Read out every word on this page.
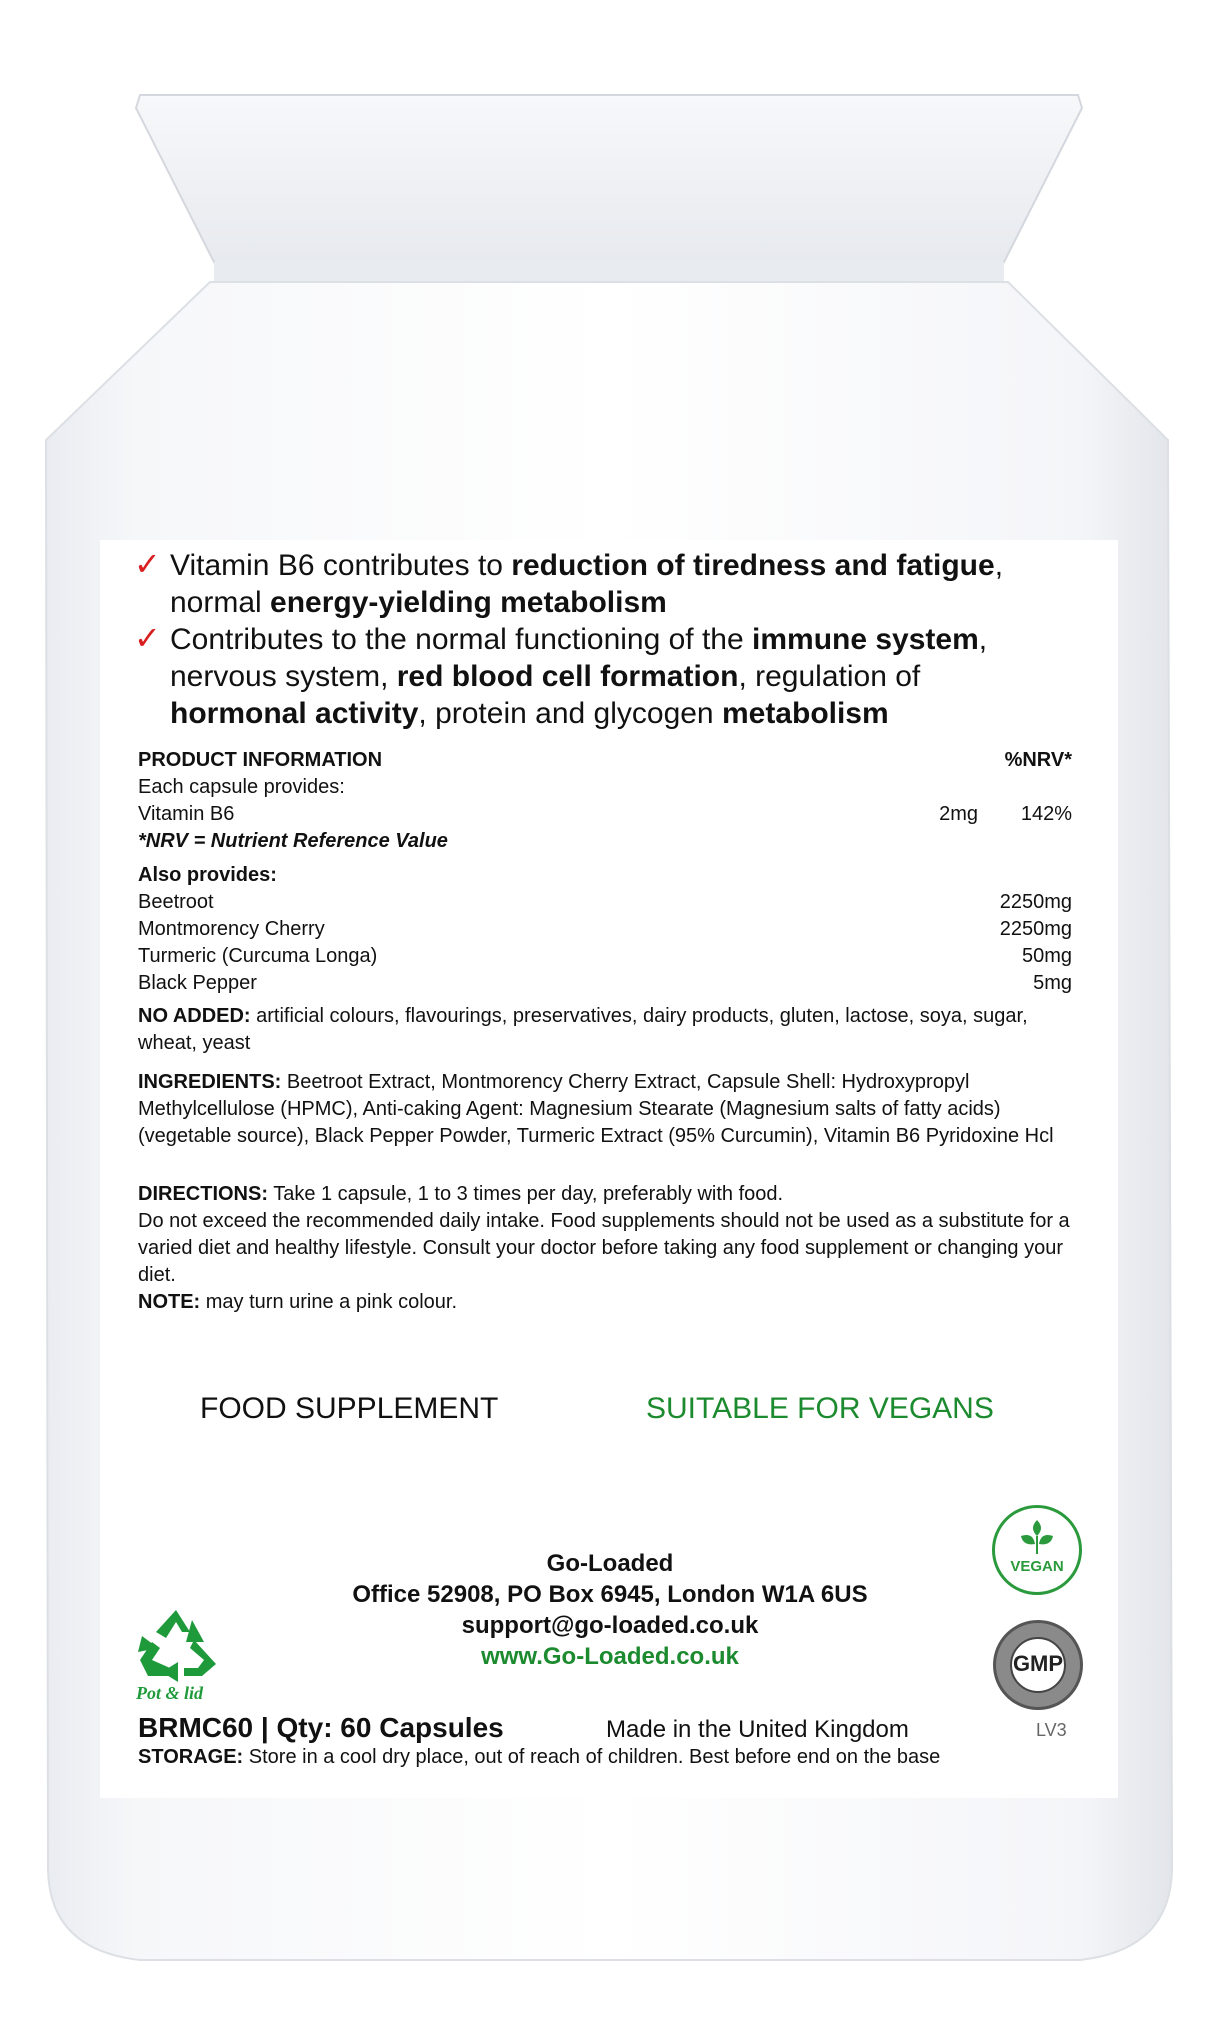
✓
✓
Vitamin B6 contributes to reduction of tiredness and fatigue,
normal energy-yielding metabolism
Contributes to the normal functioning of the immune system,
nervous system, red blood cell formation, regulation of
hormonal activity, protein and glycogen metabolism
PRODUCT INFORMATION	%NRV*
Each capsule provides:
Vitamin B6	2mg 142%
*NRV = Nutrient Reference Value
Also provides:
Beetroot	2250mg
Montmorency Cherry	2250mg
Turmeric (Curcuma Longa)	50mg
Black Pepper	5mg
NO ADDED: artificial colours, flavourings, preservatives, dairy products, gluten, lactose, soya, sugar, wheat, yeast
INGREDIENTS: Beetroot Extract, Montmorency Cherry Extract, Capsule Shell: Hydroxypropyl Methylcellulose (HPMC), Anti-caking Agent: Magnesium Stearate (Magnesium salts of fatty acids) (vegetable source), Black Pepper Powder, Turmeric Extract (95% Curcumin), Vitamin B6 Pyridoxine Hcl
DIRECTIONS: Take 1 capsule, 1 to 3 times per day, preferably with food.
Do not exceed the recommended daily intake. Food supplements should not be used as a substitute for a varied diet and healthy lifestyle. Consult your doctor before taking any food supplement or changing your diet.
NOTE: may turn urine a pink colour.
FOOD SUPPLEMENT	SUITABLE FOR VEGANS
Go-Loaded
Office 52908, PO Box 6945, London W1A 6US
support@go-loaded.co.uk
www.Go-Loaded.co.uk
Pot & lid
VEGAN
GMP
BRMC60 | Qty: 60 Capsules	Made in the United Kingdom	LV3
STORAGE: Store in a cool dry place, out of reach of children. Best before end on the base
